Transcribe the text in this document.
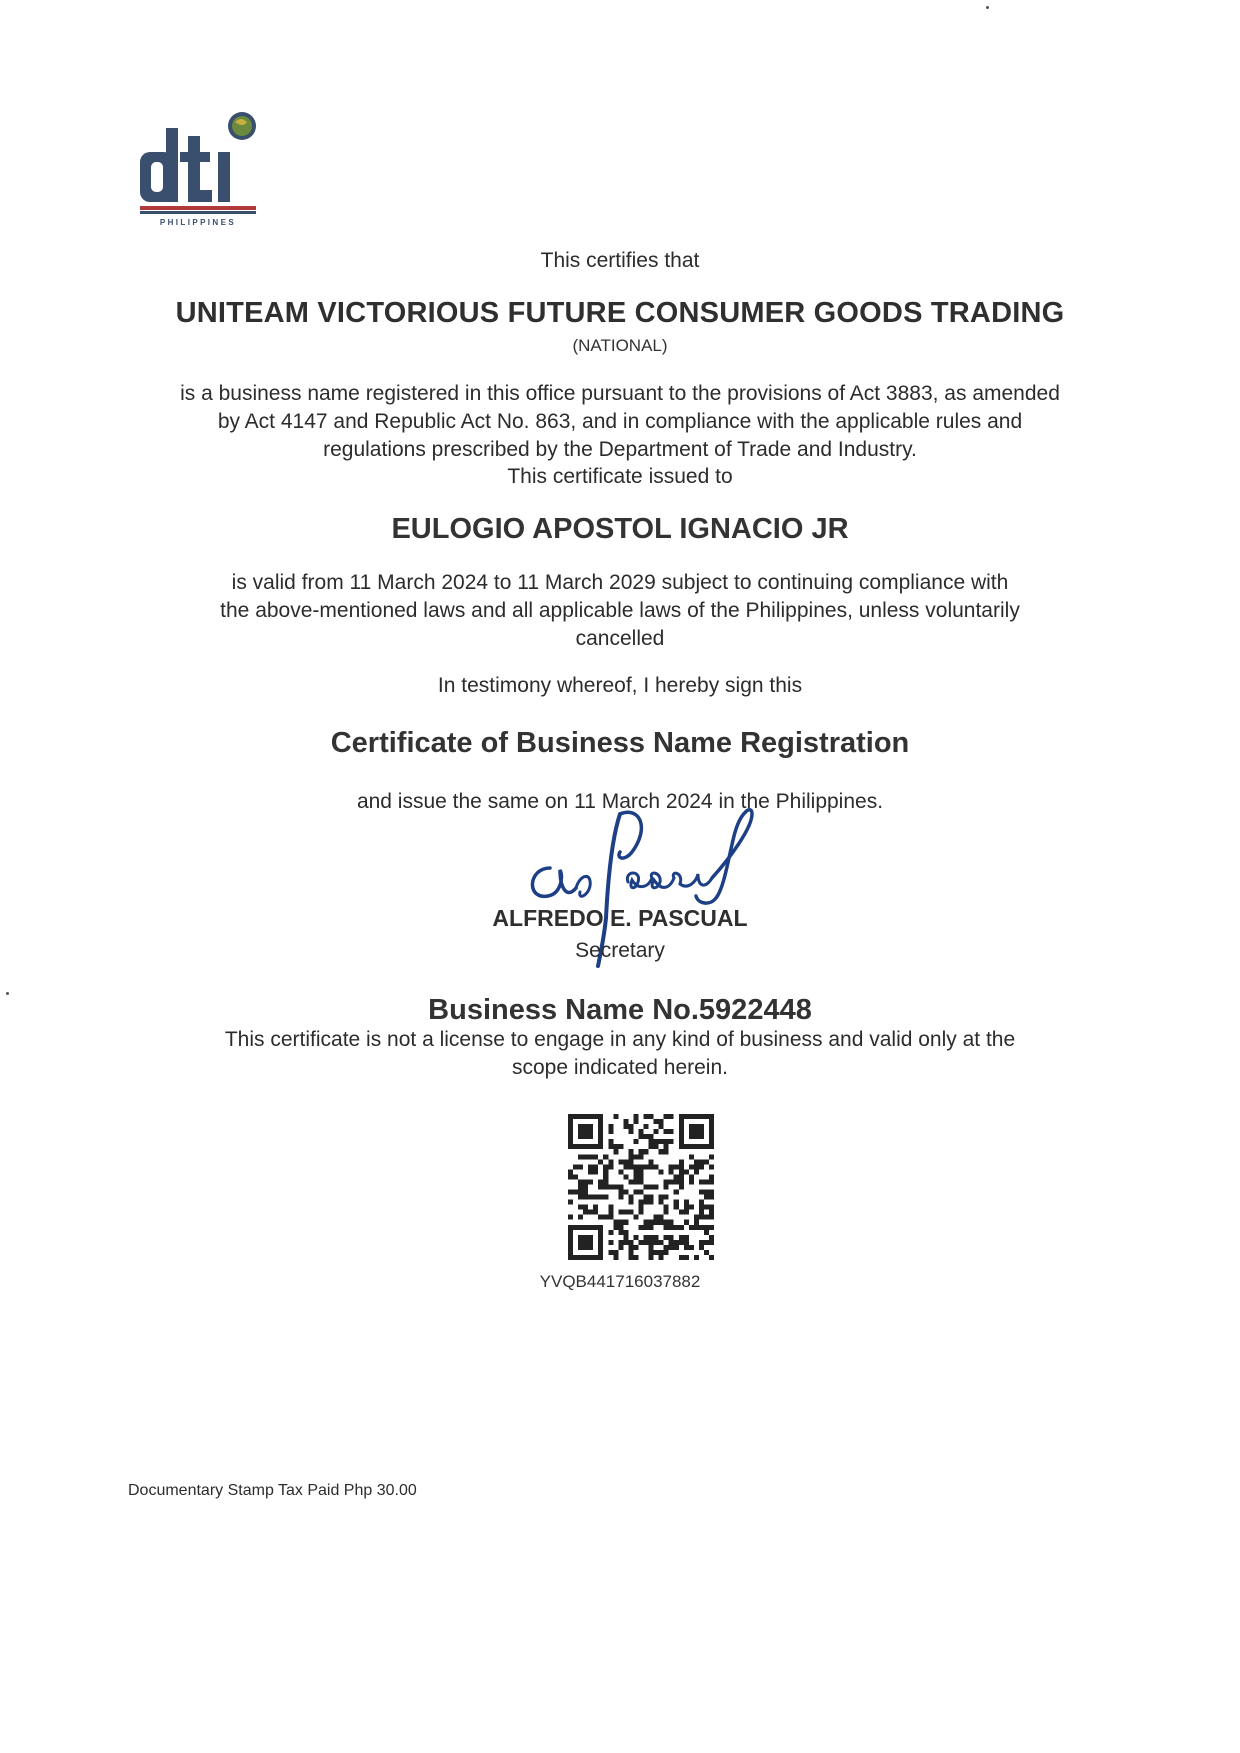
PHILIPPINES
This certifies that
UNITEAM VICTORIOUS FUTURE CONSUMER GOODS TRADING
(NATIONAL)
is a business name registered in this office pursuant to the provisions of Act 3883, as amended
by Act 4147 and Republic Act No. 863, and in compliance with the applicable rules and
regulations prescribed by the Department of Trade and Industry.
This certificate issued to
EULOGIO APOSTOL IGNACIO JR
is valid from 11 March 2024 to 11 March 2029 subject to continuing compliance with
the above-mentioned laws and all applicable laws of the Philippines, unless voluntarily
cancelled
In testimony whereof, I hereby sign this
Certificate of Business Name Registration
and issue the same on 11 March 2024 in the Philippines.
ALFREDO E. PASCUAL
Secretary
Business Name No.5922448
This certificate is not a license to engage in any kind of business and valid only at the
scope indicated herein.
YVQB441716037882
Documentary Stamp Tax Paid Php 30.00
